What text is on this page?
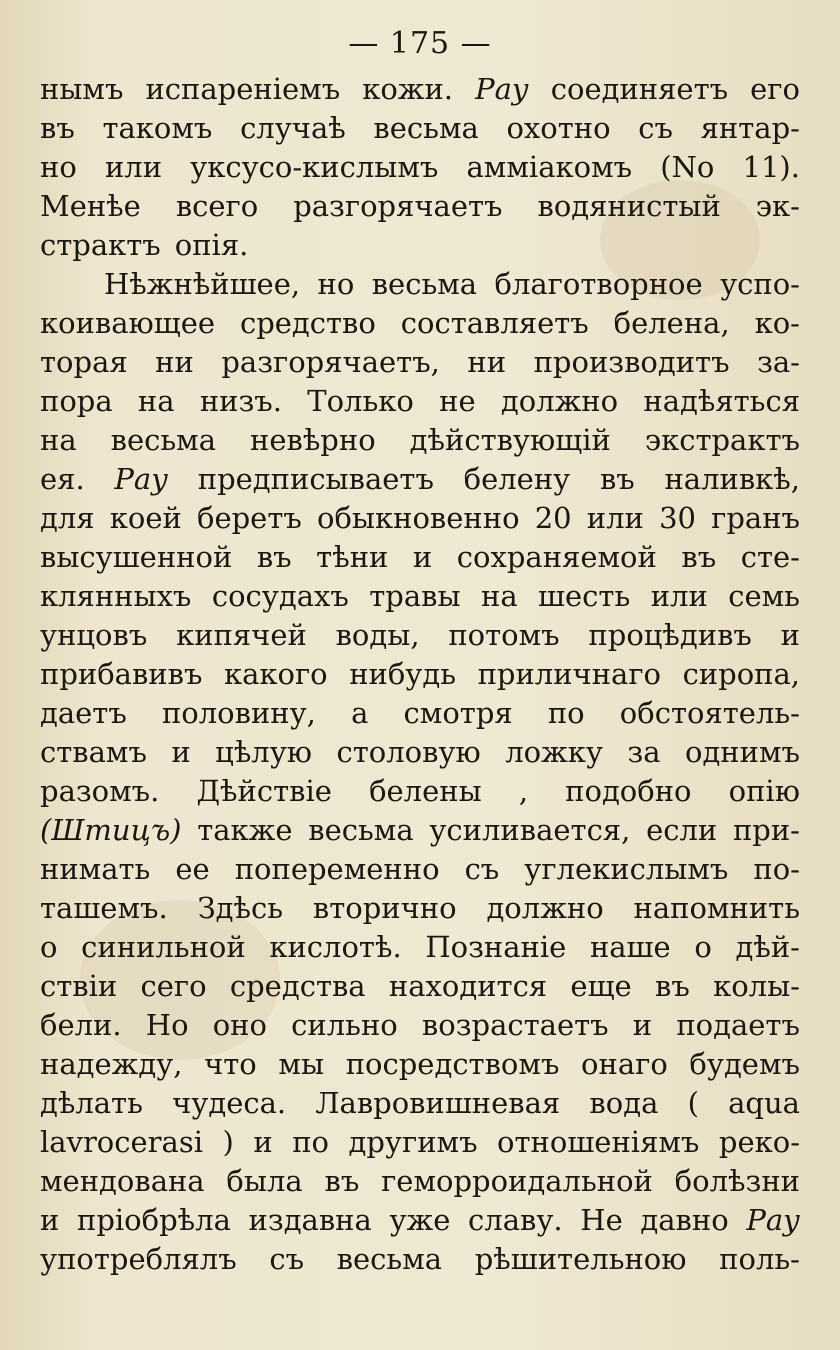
— 175 —
нымъ испареніемъ кожи. Рау соединяетъ его
въ такомъ случаѣ весьма охотно съ янтар-
но или уксусо-кислымъ амміакомъ (No 11).
Менѣе всего разгорячаетъ водянистый эк-
страктъ опія.
Нѣжнѣйшее, но весьма благотворное успо-
коивающее средство составляетъ белена, ко-
торая ни разгорячаетъ, ни производитъ за-
пора на низъ. Только не должно надѣяться
на весьма невѣрно дѣйствующій экстрактъ
ея. Рау предписываетъ белену въ наливкѣ,
для коей беретъ обыкновенно 20 или 30 гранъ
высушенной въ тѣни и сохраняемой въ сте-
клянныхъ сосудахъ травы на шесть или семь
унцовъ кипячей воды, потомъ процѣдивъ и
прибавивъ какого нибудь приличнаго сиропа,
даетъ половину, а смотря по обстоятель-
ствамъ и цѣлую столовую ложку за однимъ
разомъ. Дѣйствіе белены , подобно опію
(Штицъ) также весьма усиливается, если при-
нимать ее попеременно съ углекислымъ по-
ташемъ. Здѣсь вторично должно напомнить
о синильной кислотѣ. Познаніе наше о дѣй-
ствіи сего средства находится еще въ колы-
бели. Но оно сильно возрастаетъ и подаетъ
надежду, что мы посредствомъ онаго будемъ
дѣлать чудеса. Лавровишневая вода ( aqua
lavrocerasi ) и по другимъ отношеніямъ реко-
мендована была въ геморроидальной болѣзни
и пріобрѣла издавна уже славу. Не давно Рау
употреблялъ съ весьма рѣшительною поль-
